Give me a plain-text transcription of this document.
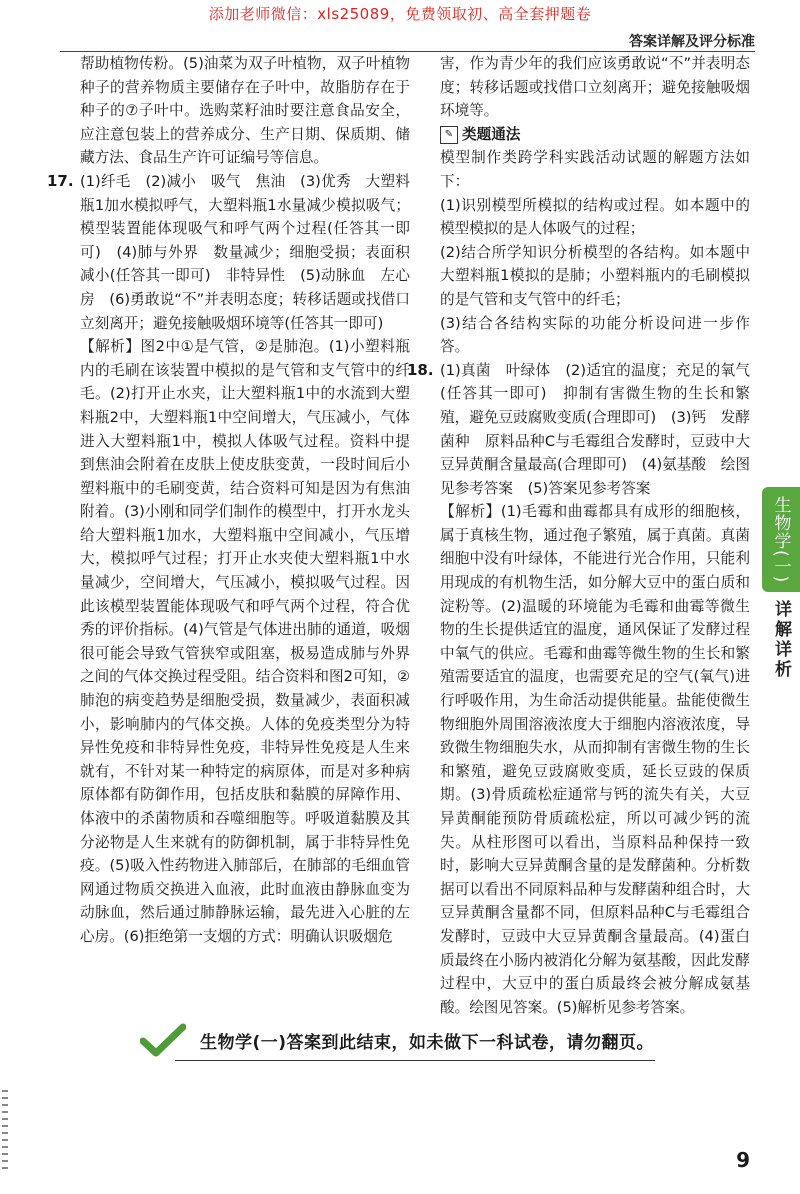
添加老师微信：xls25089，免费领取初、高全套押题卷
答案详解及评分标准

帮助植物传粉。(5)油菜为双子叶植物，双子叶植物种子的营养物质主要储存在子叶中，故脂肪存在于种子的⑦子叶中。选购菜籽油时要注意食品安全，应注意包装上的营养成分、生产日期、保质期、储藏方法、食品生产许可证编号等信息。

17. (1)纤毛　(2)减小　吸气　焦油　(3)优秀　大塑料瓶1加水模拟呼气，大塑料瓶1水量减少模拟吸气；模型装置能体现吸气和呼气两个过程(任答其一即可)　(4)肺与外界　数量减少；细胞受损；表面积减小(任答其一即可)　非特异性　(5)动脉血　左心房　(6)勇敢说“不”并表明态度；转移话题或找借口立刻离开；避免接触吸烟环境等(任答其一即可)

【解析】图2中①是气管，②是肺泡。(1)小塑料瓶内的毛刷在该装置中模拟的是气管和支气管中的纤毛。(2)打开止水夹，让大塑料瓶1中的水流到大塑料瓶2中，大塑料瓶1中空间增大，气压减小，气体进入大塑料瓶1中，模拟人体吸气过程。资料中提到焦油会附着在皮肤上使皮肤变黄，一段时间后小塑料瓶中的毛刷变黄，结合资料可知是因为有焦油附着。(3)小刚和同学们制作的模型中，打开水龙头给大塑料瓶1加水，大塑料瓶中空间减小，气压增大，模拟呼气过程；打开止水夹使大塑料瓶1中水量减少，空间增大，气压减小，模拟吸气过程。因此该模型装置能体现吸气和呼气两个过程，符合优秀的评价指标。(4)气管是气体进出肺的通道，吸烟很可能会导致气管狭窄或阻塞，极易造成肺与外界之间的气体交换过程受阻。结合资料和图2可知，②肺泡的病变趋势是细胞受损，数量减少，表面积减小，影响肺内的气体交换。人体的免疫类型分为特异性免疫和非特异性免疫，非特异性免疫是人生来就有，不针对某一种特定的病原体，而是对多种病原体都有防御作用，包括皮肤和黏膜的屏障作用、体液中的杀菌物质和吞噬细胞等。呼吸道黏膜及其分泌物是人生来就有的防御机制，属于非特异性免疫。(5)吸入性药物进入肺部后，在肺部的毛细血管网通过物质交换进入血液，此时血液由静脉血变为动脉血，然后通过肺静脉运输，最先进入心脏的左心房。(6)拒绝第一支烟的方式：明确认识吸烟危

害，作为青少年的我们应该勇敢说“不”并表明态度；转移话题或找借口立刻离开；避免接触吸烟环境等。

✎ 类题通法

模型制作类跨学科实践活动试题的解题方法如下：

(1)识别模型所模拟的结构或过程。如本题中的模型模拟的是人体吸气的过程；

(2)结合所学知识分析模型的各结构。如本题中大塑料瓶1模拟的是肺；小塑料瓶内的毛刷模拟的是气管和支气管中的纤毛；

(3)结合各结构实际的功能分析设问进一步作答。

18. (1)真菌　叶绿体　(2)适宜的温度；充足的氧气(任答其一即可)　抑制有害微生物的生长和繁殖，避免豆豉腐败变质(合理即可)　(3)钙　发酵菌种　原料品种C与毛霉组合发酵时，豆豉中大豆异黄酮含量最高(合理即可)　(4)氨基酸　绘图见参考答案　(5)答案见参考答案

【解析】(1)毛霉和曲霉都具有成形的细胞核，属于真核生物，通过孢子繁殖，属于真菌。真菌细胞中没有叶绿体，不能进行光合作用，只能利用现成的有机物生活，如分解大豆中的蛋白质和淀粉等。(2)温暖的环境能为毛霉和曲霉等微生物的生长提供适宜的温度，通风保证了发酵过程中氧气的供应。毛霉和曲霉等微生物的生长和繁殖需要适宜的温度，也需要充足的空气(氧气)进行呼吸作用，为生命活动提供能量。盐能使微生物细胞外周围溶液浓度大于细胞内溶液浓度，导致微生物细胞失水，从而抑制有害微生物的生长和繁殖，避免豆豉腐败变质，延长豆豉的保质期。(3)骨质疏松症通常与钙的流失有关，大豆异黄酮能预防骨质疏松症，所以可减少钙的流失。从柱形图可以看出，当原料品种保持一致时，影响大豆异黄酮含量的是发酵菌种。分析数据可以看出不同原料品种与发酵菌种组合时，大豆异黄酮含量都不同，但原料品种C与毛霉组合发酵时，豆豉中大豆异黄酮含量最高。(4)蛋白质最终在小肠内被消化分解为氨基酸，因此发酵过程中，大豆中的蛋白质最终会被分解成氨基酸。绘图见答案。(5)解析见参考答案。

生物学(一)
详解详析
生物学(一)答案到此结束，如未做下一科试卷，请勿翻页。
9
